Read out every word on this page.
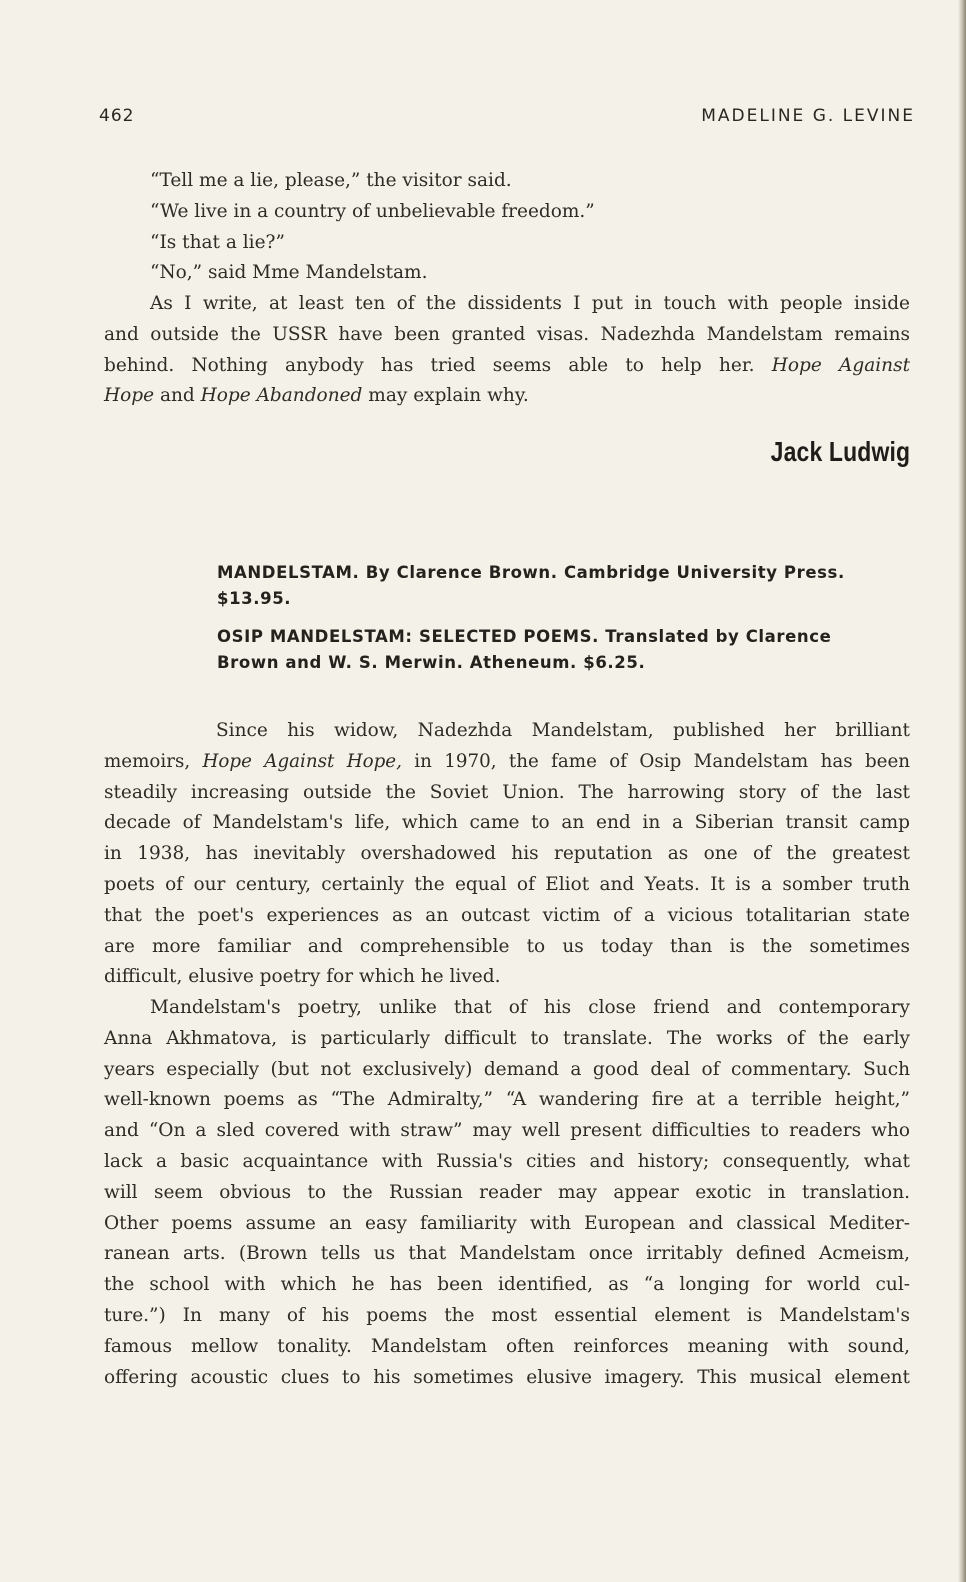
462	MADELINE G. LEVINE
“Tell me a lie, please,” the visitor said.
“We live in a country of unbelievable freedom.”
“Is that a lie?”
“No,” said Mme Mandelstam.
As I write, at least ten of the dissidents I put in touch with people inside
and outside the USSR have been granted visas. Nadezhda Mandelstam remains
behind. Nothing anybody has tried seems able to help her. Hope Against
Hope and Hope Abandoned may explain why.
Jack Ludwig
MANDELSTAM. By Clarence Brown. Cambridge University Press.
$13.95.
OSIP MANDELSTAM: SELECTED POEMS. Translated by Clarence
Brown and W. S. Merwin. Atheneum. $6.25.
Since his widow, Nadezhda Mandelstam, published her brilliant
memoirs, Hope Against Hope, in 1970, the fame of Osip Mandelstam has been
steadily increasing outside the Soviet Union. The harrowing story of the last
decade of Mandelstam's life, which came to an end in a Siberian transit camp
in 1938, has inevitably overshadowed his reputation as one of the greatest
poets of our century, certainly the equal of Eliot and Yeats. It is a somber truth
that the poet's experiences as an outcast victim of a vicious totalitarian state
are more familiar and comprehensible to us today than is the sometimes
difficult, elusive poetry for which he lived.
Mandelstam's poetry, unlike that of his close friend and contemporary
Anna Akhmatova, is particularly difficult to translate. The works of the early
years especially (but not exclusively) demand a good deal of commentary. Such
well-known poems as “The Admiralty,” “A wandering fire at a terrible height,”
and “On a sled covered with straw” may well present difficulties to readers who
lack a basic acquaintance with Russia's cities and history; consequently, what
will seem obvious to the Russian reader may appear exotic in translation.
Other poems assume an easy familiarity with European and classical Mediter-
ranean arts. (Brown tells us that Mandelstam once irritably defined Acmeism,
the school with which he has been identified, as “a longing for world cul-
ture.”) In many of his poems the most essential element is Mandelstam's
famous mellow tonality. Mandelstam often reinforces meaning with sound,
offering acoustic clues to his sometimes elusive imagery. This musical element
